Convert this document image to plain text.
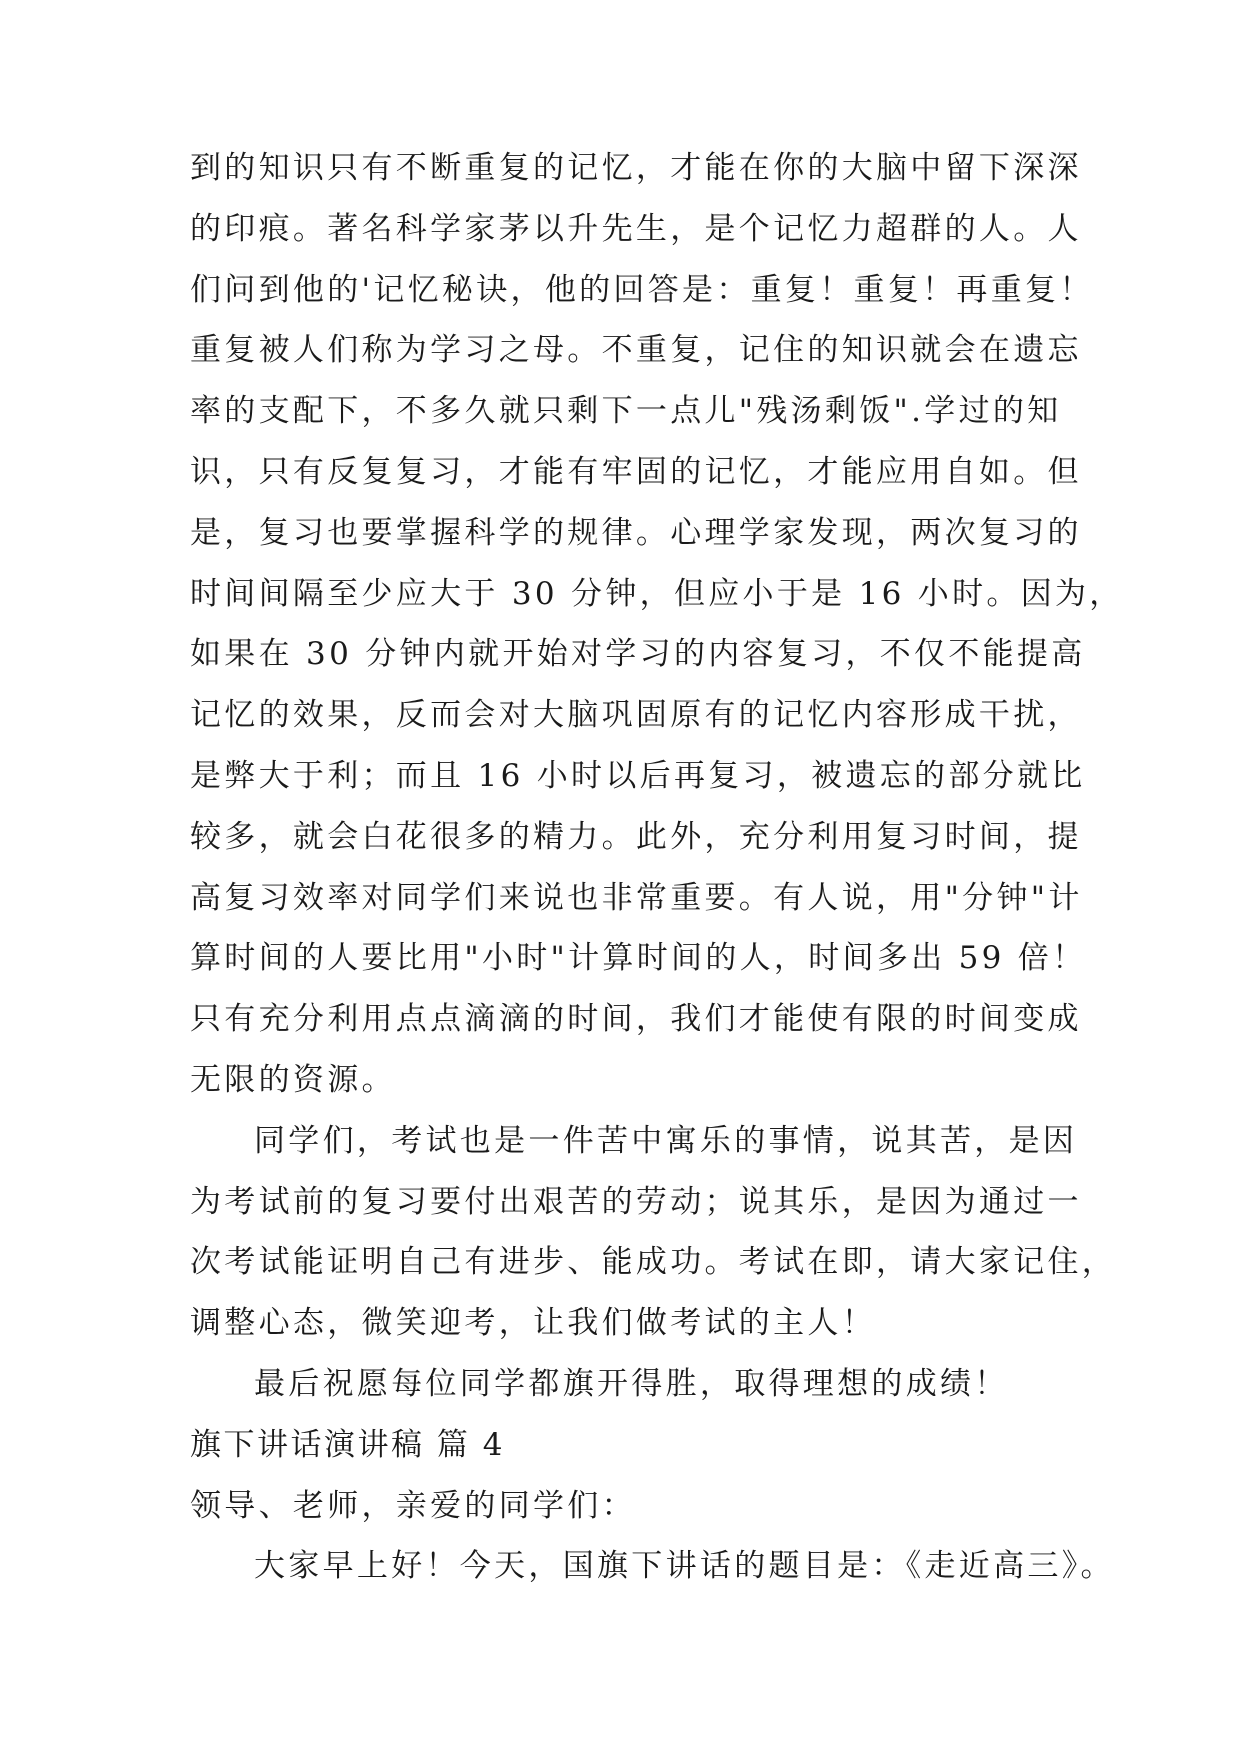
到的知识只有不断重复的记忆，才能在你的大脑中留下深深
的印痕。著名科学家茅以升先生，是个记忆力超群的人。人
们问到他的'记忆秘诀，他的回答是：重复！重复！再重复！
重复被人们称为学习之母。不重复，记住的知识就会在遗忘
率的支配下，不多久就只剩下一点儿"残汤剩饭".学过的知
识，只有反复复习，才能有牢固的记忆，才能应用自如。但
是，复习也要掌握科学的规律。心理学家发现，两次复习的
时间间隔至少应大于 30 分钟，但应小于是 16 小时。因为，
如果在 30 分钟内就开始对学习的内容复习，不仅不能提高
记忆的效果，反而会对大脑巩固原有的记忆内容形成干扰，
是弊大于利；而且 16 小时以后再复习，被遗忘的部分就比
较多，就会白花很多的精力。此外，充分利用复习时间，提
高复习效率对同学们来说也非常重要。有人说，用"分钟"计
算时间的人要比用"小时"计算时间的人，时间多出 59 倍！
只有充分利用点点滴滴的时间，我们才能使有限的时间变成
无限的资源。
同学们，考试也是一件苦中寓乐的事情，说其苦，是因
为考试前的复习要付出艰苦的劳动；说其乐，是因为通过一
次考试能证明自己有进步、能成功。考试在即，请大家记住，
调整心态，微笑迎考，让我们做考试的主人！
最后祝愿每位同学都旗开得胜，取得理想的成绩！
旗下讲话演讲稿 篇 4
领导、老师，亲爱的同学们：
大家早上好！今天，国旗下讲话的题目是：《走近高三》。
